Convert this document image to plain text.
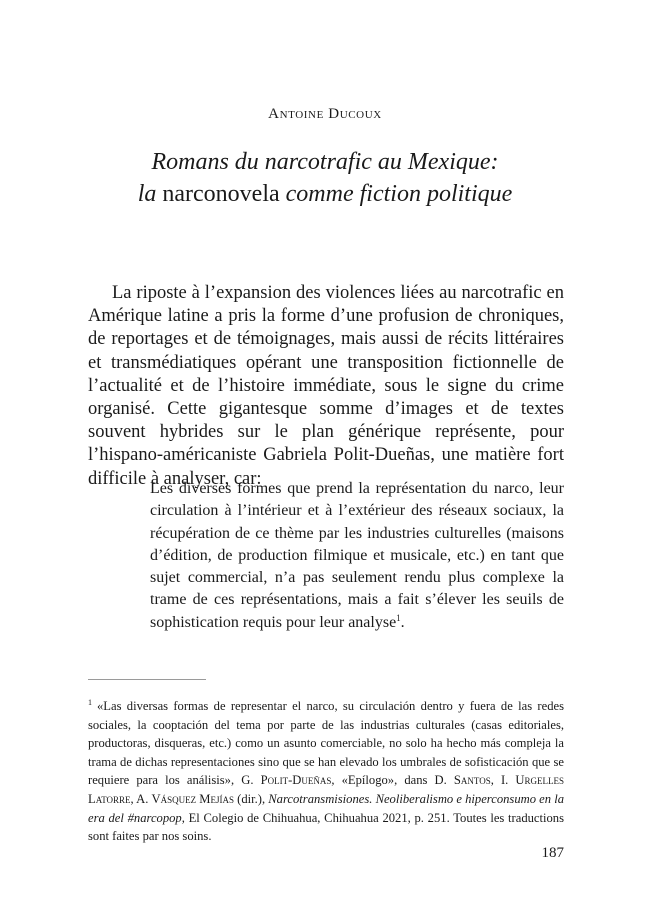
Antoine Ducoux
Romans du narcotrafic au Mexique:
la narconovela comme fiction politique

La riposte à l’expansion des violences liées au narcotrafic en Amérique latine a pris la forme d’une profusion de chroniques, de reportages et de témoignages, mais aussi de récits littéraires et transmédiatiques opérant une transposition fictionnelle de l’actualité et de l’histoire immédiate, sous le signe du crime organisé. Cette gigantesque somme d’images et de textes souvent hybrides sur le plan générique représente, pour l’hispano-américaniste Gabriela Polit-Dueñas, une matière fort difficile à analyser, car:

Les diverses formes que prend la représentation du narco, leur circulation à l’intérieur et à l’extérieur des réseaux sociaux, la récupération de ce thème par les industries culturelles (maisons d’édition, de production filmique et musicale, etc.) en tant que sujet commercial, n’a pas seulement rendu plus complexe la trame de ces représentations, mais a fait s’élever les seuils de sophistication requis pour leur analyse$^1$.

$^1$ «Las diversas formas de representar el narco, su circulación dentro y fuera de las redes sociales, la cooptación del tema por parte de las industrias culturales (casas editoriales, productoras, disqueras, etc.) como un asunto comerciable, no solo ha hecho más compleja la trama de dichas representaciones sino que se han elevado los umbrales de sofisticación que se requiere para los análisis», G. Polit-Dueñas, «Epílogo», dans D. Santos, I. Urgelles Latorre, A. Vásquez Mejías (dir.), Narcotransmisiones. Neoliberalismo e hiperconsumo en la era del #narcopop, El Colegio de Chihuahua, Chihuahua 2021, p. 251. Toutes les traductions sont faites par nos soins.

187
